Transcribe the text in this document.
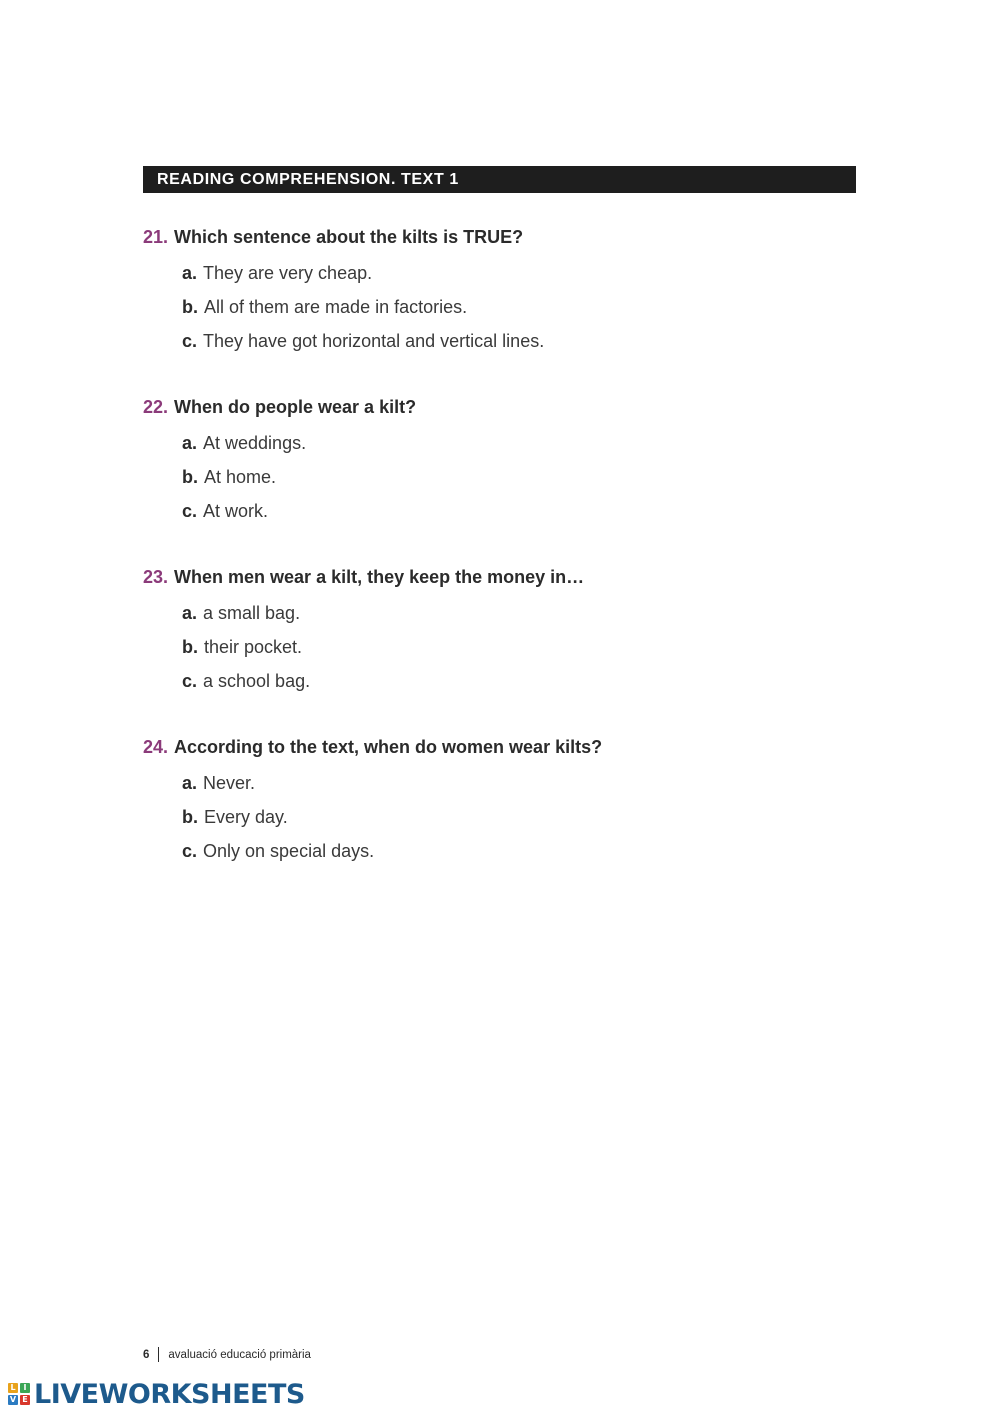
READING COMPREHENSION. TEXT 1
21. Which sentence about the kilts is TRUE?
a. They are very cheap.
b. All of them are made in factories.
c. They have got horizontal and vertical lines.
22. When do people wear a kilt?
a. At weddings.
b. At home.
c. At work.
23. When men wear a kilt, they keep the money in…
a. a small bag.
b. their pocket.
c. a school bag.
24. According to the text, when do women wear kilts?
a. Never.
b. Every day.
c. Only on special days.
6 avaluació educació primària
L I
V E LIVEWORKSHEETS
